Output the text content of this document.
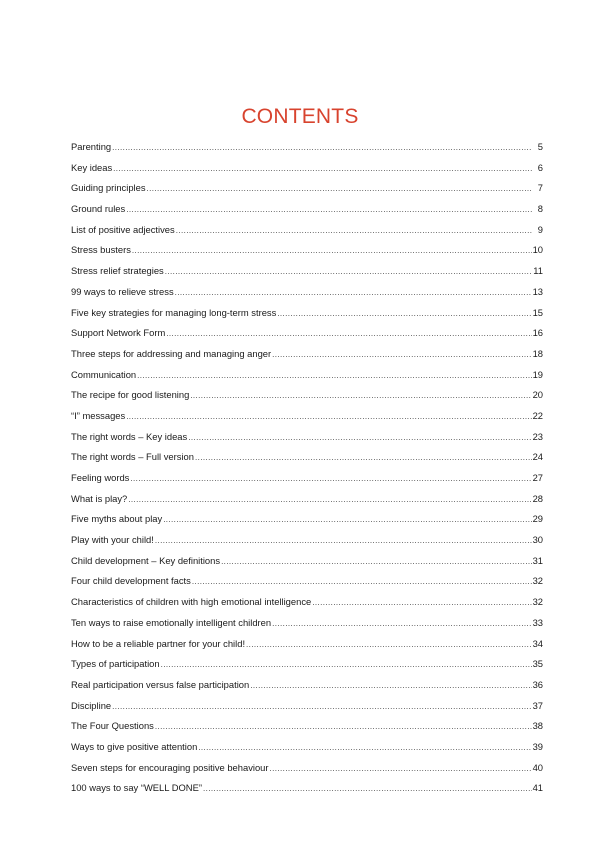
CONTENTS
Parenting .....	5
Key ideas .....	6
Guiding principles .....	7
Ground rules .....	8
List of positive adjectives .....	9
Stress busters .....	10
Stress relief strategies .....	11
99 ways to relieve stress .....	13
Five key strategies for managing long-term stress .....	15
Support Network Form .....	16
Three steps for addressing and managing anger .....	18
Communication .....	19
The recipe for good listening .....	20
“I” messages .....	22
The right words – Key ideas .....	23
The right words – Full version .....	24
Feeling words .....	27
What is play? .....	28
Five myths about play .....	29
Play with your child! .....	30
Child development – Key definitions .....	31
Four child development facts .....	32
Characteristics of children with high emotional intelligence .....	32
Ten ways to raise emotionally intelligent children .....	33
How to be a reliable partner for your child! .....	34
Types of participation .....	35
Real participation versus false participation .....	36
Discipline .....	37
The Four Questions .....	38
Ways to give positive attention .....	39
Seven steps for encouraging positive behaviour .....	40
100 ways to say “WELL DONE” .....	41
